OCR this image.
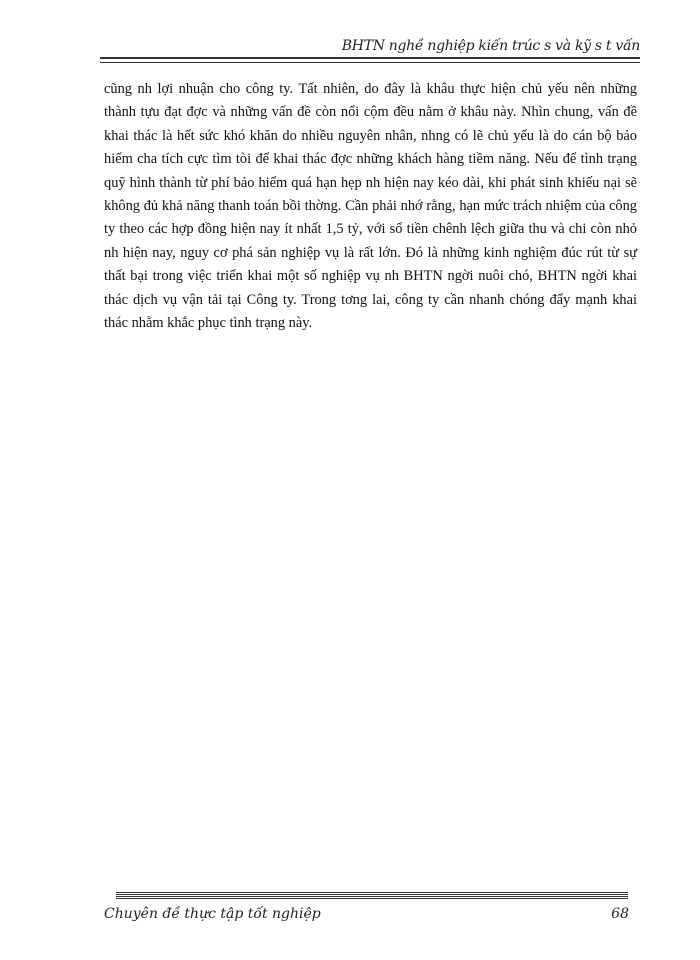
BHTN nghề nghiệp kiến trúc s và kỹ s t vấn

cũng nh lợi nhuận cho công ty. Tất nhiên, do đây là khâu thực hiện chủ yếu nên những thành tựu đạt đợc và những vấn đề còn nổi cộm đều nằm ở khâu này. Nhìn chung, vấn đề khai thác là hết sức khó khăn do nhiều nguyên nhân, nhng có lẽ chủ yếu là do cán bộ bảo hiểm cha tích cực tìm tòi để khai thác đợc những khách hàng tiềm năng. Nếu để tình trạng quỹ hình thành từ phí bảo hiểm quá hạn hẹp nh hiện nay kéo dài, khi phát sinh khiếu nại sẽ không đủ khả năng thanh toán bồi thờng. Cần phải nhớ rằng, hạn mức trách nhiệm của công ty theo các hợp đồng hiện nay ít nhất 1,5 tỷ, với số tiền chênh lệch giữa thu và chi còn nhỏ nh hiện nay, nguy cơ phá sản nghiệp vụ là rất lớn. Đó là những kinh nghiệm đúc rút từ sự thất bại trong việc triển khai một số nghiệp vụ nh BHTN ngời nuôi chó, BHTN ngời khai thác dịch vụ vận tải tại Công ty. Trong tơng lai, công ty cần nhanh chóng đẩy mạnh khai thác nhằm khắc phục tình trạng này.

Chuyên đề thực tập tốt nghiệp	68
